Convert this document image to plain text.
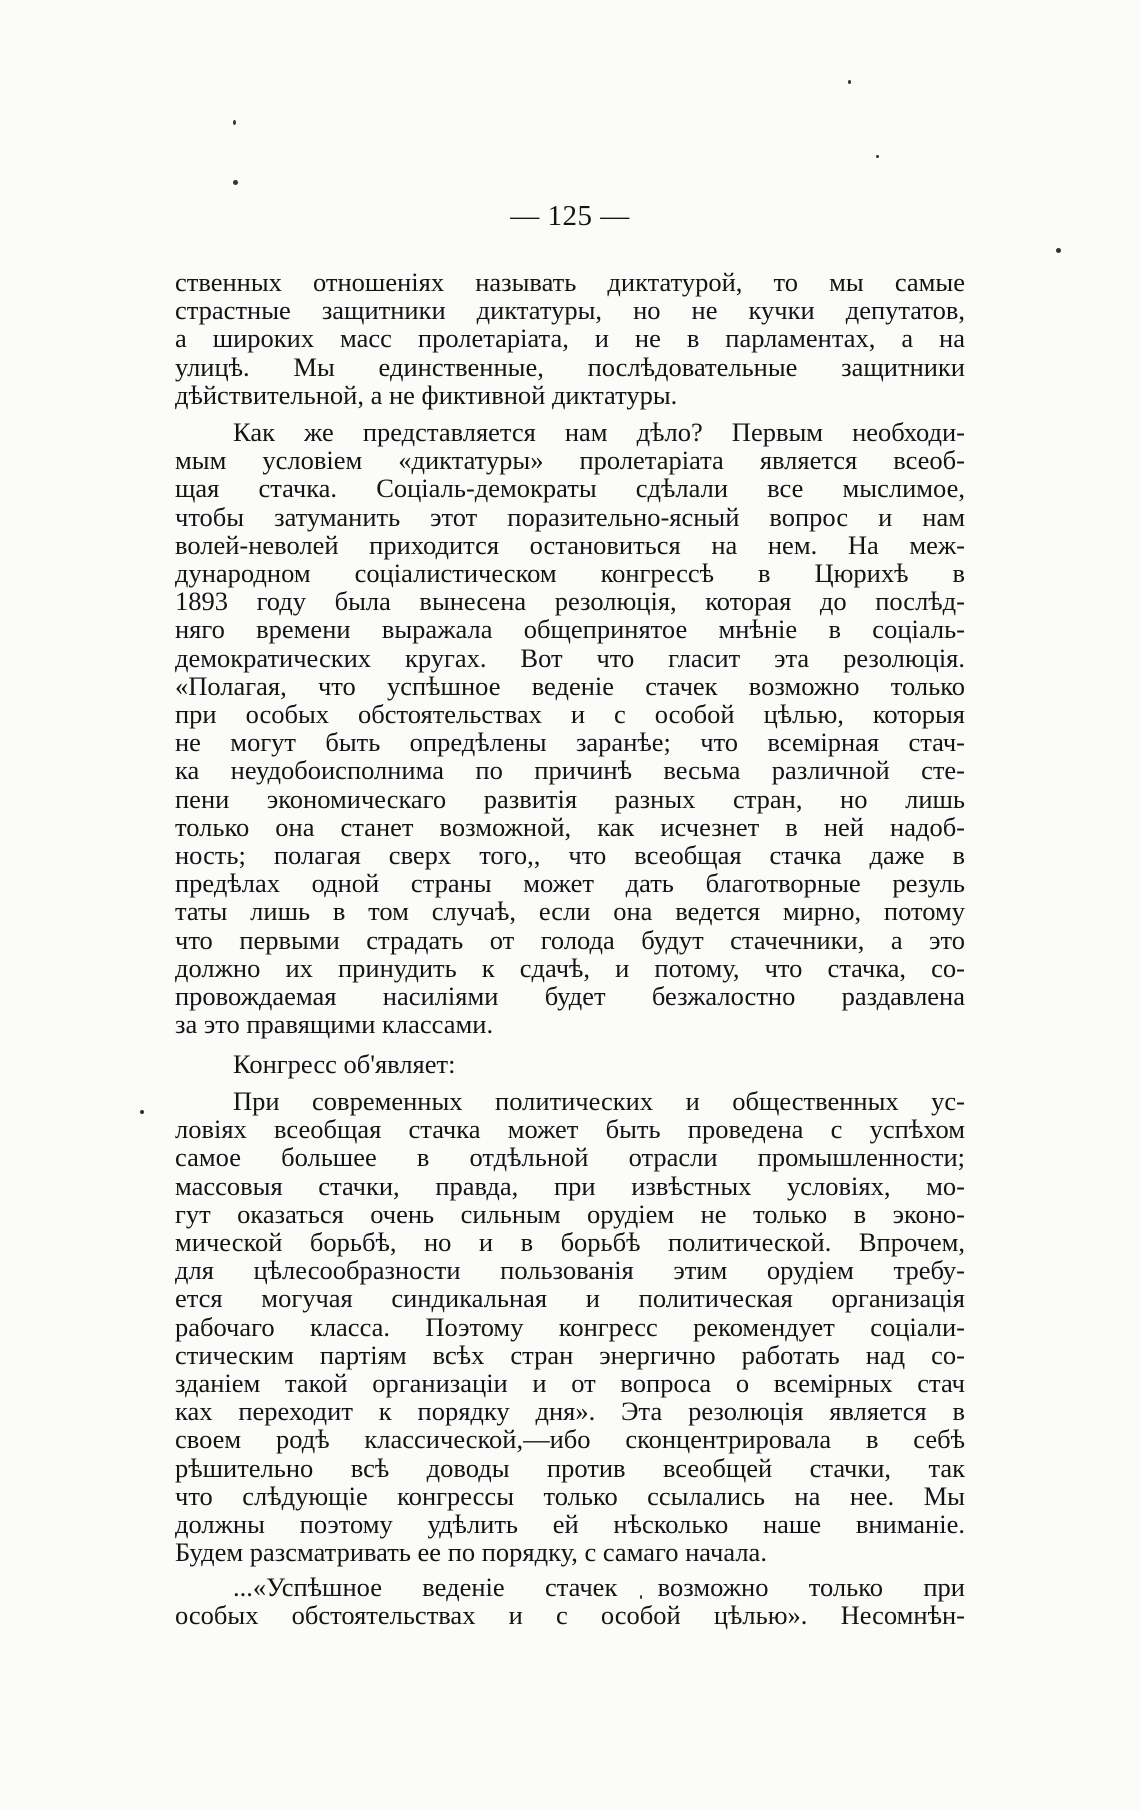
— 125 —
ственных отношеніях называть диктатурой, то мы самые
страстные защитники диктатуры, но не кучки депутатов,
а широких масс пролетаріата, и не в парламентах, а на
улицѣ. Мы единственные, послѣдовательные защитники
дѣйствительной, а не фиктивной диктатуры.
Как же представляется нам дѣло? Первым необходи-
мым условіем «диктатуры» пролетаріата является всеоб-
щая стачка. Соціаль-демократы сдѣлали все мыслимое,
чтобы затуманить этот поразительно-ясный вопрос и нам
волей-неволей приходится остановиться на нем. На меж-
дународном соціалистическом конгрессѣ в Цюрихѣ в
1893 году была вынесена резолюція, которая до послѣд-
няго времени выражала общепринятое мнѣніе в соціаль-
демократических кругах. Вот что гласит эта резолюція.
«Полагая, что успѣшное веденіе стачек возможно только
при особых обстоятельствах и с особой цѣлью, которыя
не могут быть опредѣлены заранѣе; что всемірная стач-
ка неудобоисполнима по причинѣ весьма различной сте-
пени экономическаго развитія разных стран, но лишь
только она станет возможной, как исчезнет в ней надоб-
ность; полагая сверх того,, что всеобщая стачка даже в
предѣлах одной страны может дать благотворные резуль
таты лишь в том случаѣ, если она ведется мирно, потому
что первыми страдать от голода будут стачечники, а это
должно их принудить к сдачѣ, и потому, что стачка, со-
провождаемая насиліями будет безжалостно раздавлена
за это правящими классами.
Конгресс об'являет:
При современных политических и общественных ус-
ловіях всеобщая стачка может быть проведена с успѣхом
самое большее в отдѣльной отрасли промышленности;
массовыя стачки, правда, при извѣстных условіях, мо-
гут оказаться очень сильным орудіем не только в эконо-
мической борьбѣ, но и в борьбѣ политической. Впрочем,
для цѣлесообразности пользованія этим орудіем требу-
ется могучая синдикальная и политическая организація
рабочаго класса. Поэтому конгресс рекомендует соціали-
стическим партіям всѣх стран энергично работать над со-
зданіем такой организаціи и от вопроса о всемірных стач
ках переходит к порядку дня». Эта резолюція является в
своем родѣ классической,—ибо сконцентрировала в себѣ
рѣшительно всѣ доводы против всеобщей стачки, так
что слѣдующіе конгрессы только ссылались на нее. Мы
должны поэтому удѣлить ей нѣсколько наше вниманіе.
Будем разсматривать ее по порядку, с самаго начала.
...«Успѣшное веденіе стачек возможно только при
особых обстоятельствах и с особой цѣлью». Несомнѣн-
